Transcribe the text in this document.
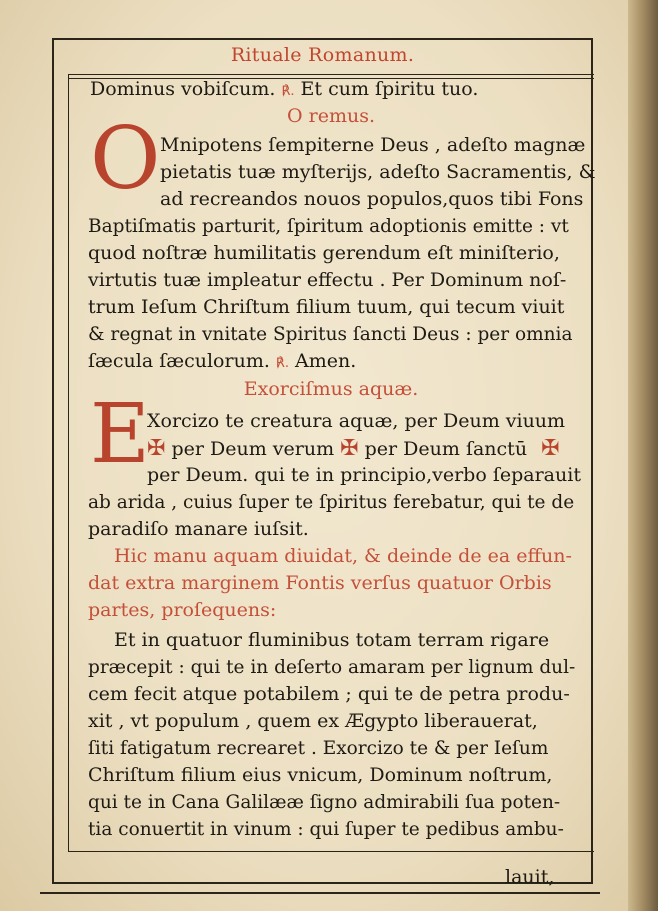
Rituale Romanum.
Dominus vobiſcum. ℟. Et cum ſpiritu tuo.
O remus.
O Mnipotens ſempiterne Deus , adeſto magnæ
pietatis tuæ myſterijs, adeſto Sacramentis, &
ad recreandos nouos populos,quos tibi Fons
Baptiſmatis parturit, ſpiritum adoptionis emitte : vt
quod noſtræ humilitatis gerendum eſt miniſterio,
virtutis tuæ impleatur effectu . Per Dominum noſ-
trum Ieſum Chriſtum filium tuum, qui tecum viuit
& regnat in vnitate Spiritus ſancti Deus : per omnia
ſæcula ſæculorum. ℟. Amen.
Exorciſmus aquæ.
E
Xorcizo te creatura aquæ, per Deum viuum
✠ per Deum verum ✠ per Deum ſanctū ✠
per Deum. qui te in principio,verbo ſeparauit
ab arida , cuius ſuper te ſpiritus ferebatur, qui te de
paradiſo manare iuſsit.
Hic manu aquam diuidat, & deinde de ea effun-
dat extra marginem Fontis verſus quatuor Orbis
partes, proſequens:
Et in quatuor fluminibus totam terram rigare
præcepit : qui te in deſerto amaram per lignum dul-
cem fecit atque potabilem ; qui te de petra produ-
xit , vt populum , quem ex Ægypto liberauerat,
ſiti fatigatum recrearet . Exorcizo te & per Ieſum
Chriſtum filium eius vnicum, Dominum noſtrum,
qui te in Cana Galilææ ſigno admirabili ſua poten-
tia conuertit in vinum : qui ſuper te pedibus ambu-
lauit,
